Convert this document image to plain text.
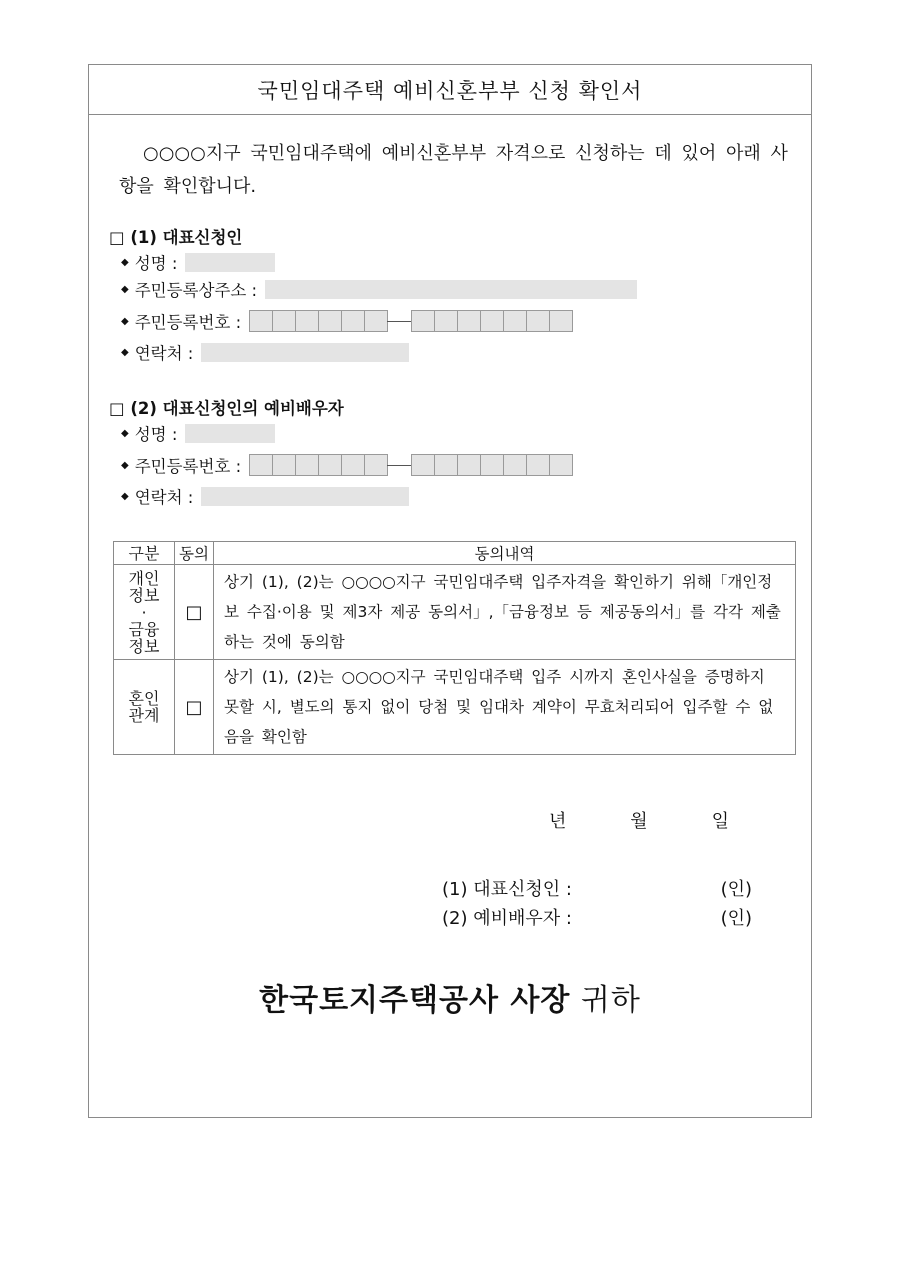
국민임대주택 예비신혼부부 신청 확인서
○○○○지구 국민임대주택에 예비신혼부부 자격으로 신청하는 데 있어 아래 사항을 확인합니다.
□ (1) 대표신청인
◆ 성명 :
◆ 주민등록상주소 :
◆ 주민등록번호 :
◆ 연락처 :
□ (2) 대표신청인의 예비배우자
◆ 성명 :
◆ 주민등록번호 :
◆ 연락처 :
구분	동의	동의내역

개인
정보
·
금융
정보	□	상기 (1), (2)는 ○○○○지구 국민임대주택 입주자격을 확인하기 위해「개인정보 수집·이용 및 제3자 제공 동의서」,「금융정보 등 제공동의서」를 각각 제출하는 것에 동의함

혼인
관계	□	상기 (1), (2)는 ○○○○지구 국민임대주택 입주 시까지 혼인사실을 증명하지 못할 시, 별도의 통지 없이 당첨 및 임대차 계약이 무효처리되어 입주할 수 없음을 확인함
년	월	일
(1) 대표신청인 :	(인)
(2) 예비배우자 :	(인)
한국토지주택공사 사장 귀하
